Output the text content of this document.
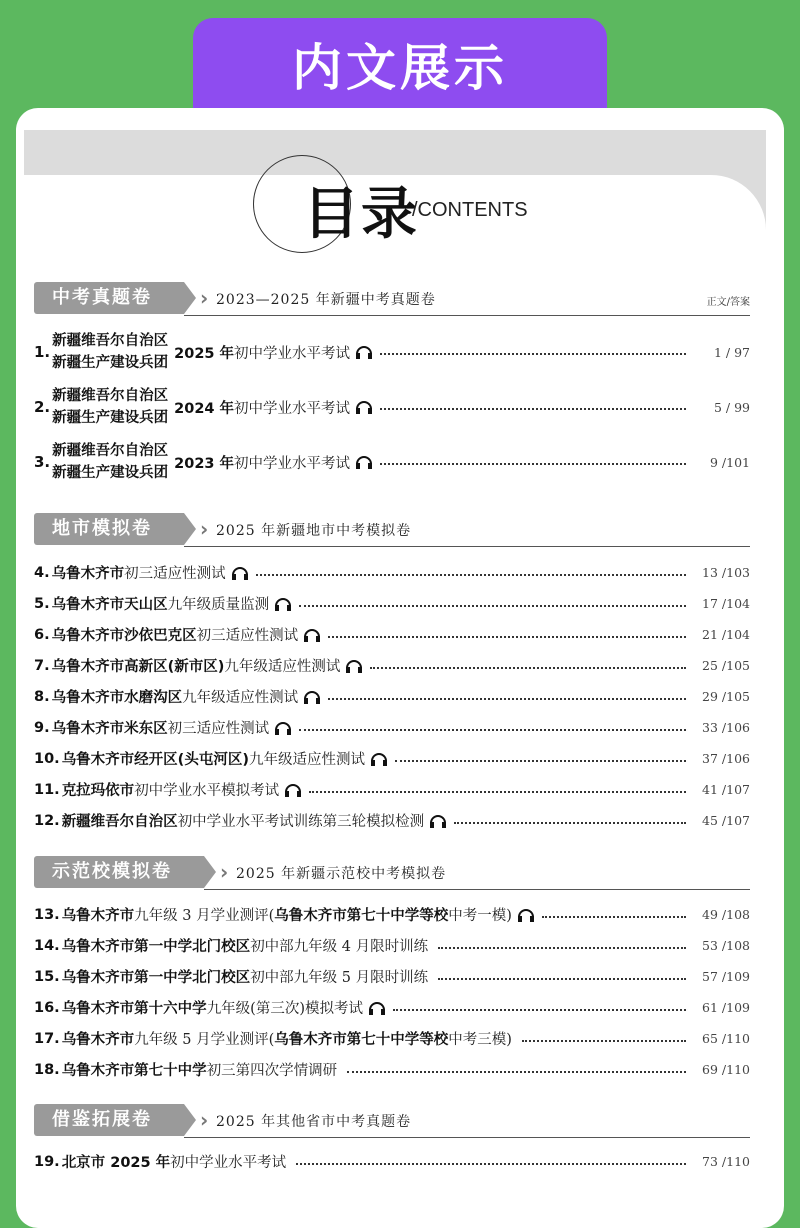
内文展示
目录
/CONTENTS
中考真题卷	› 2023—2025 年新疆中考真题卷	正文/答案
1.
新疆维吾尔自治区
新疆生产建设兵团
2025 年 初中学业水平考试	1 / 97
2.
新疆维吾尔自治区
新疆生产建设兵团
2024 年 初中学业水平考试	5 / 99
3.
新疆维吾尔自治区
新疆生产建设兵团
2023 年 初中学业水平考试	9 /101
地市模拟卷	› 2025 年新疆地市中考模拟卷
4. 乌鲁木齐市 初三适应性测试	13 /103
5. 乌鲁木齐市天山区 九年级质量监测	17 /104
6. 乌鲁木齐市沙依巴克区 初三适应性测试	21 /104
7. 乌鲁木齐市高新区(新市区) 九年级适应性测试	25 /105
8. 乌鲁木齐市水磨沟区 九年级适应性测试	29 /105
9. 乌鲁木齐市米东区 初三适应性测试	33 /106
10. 乌鲁木齐市经开区(头屯河区) 九年级适应性测试	37 /106
11. 克拉玛依市 初中学业水平模拟考试	41 /107
12. 新疆维吾尔自治区 初中学业水平考试训练第三轮模拟检测	45 /107
示范校模拟卷	› 2025 年新疆示范校中考模拟卷
13. 乌鲁木齐市 九年级 3 月学业测评( 乌鲁木齐市第七十中学等校 中考一模)	49 /108
14. 乌鲁木齐市第一中学北门校区 初中部九年级 4 月限时训练	53 /108
15. 乌鲁木齐市第一中学北门校区 初中部九年级 5 月限时训练	57 /109
16. 乌鲁木齐市第十六中学 九年级(第三次)模拟考试	61 /109
17. 乌鲁木齐市 九年级 5 月学业测评( 乌鲁木齐市第七十中学等校 中考三模)	65 /110
18. 乌鲁木齐市第七十中学 初三第四次学情调研	69 /110
借鉴拓展卷	› 2025 年其他省市中考真题卷
19. 北京市 2025 年 初中学业水平考试	73 /110
